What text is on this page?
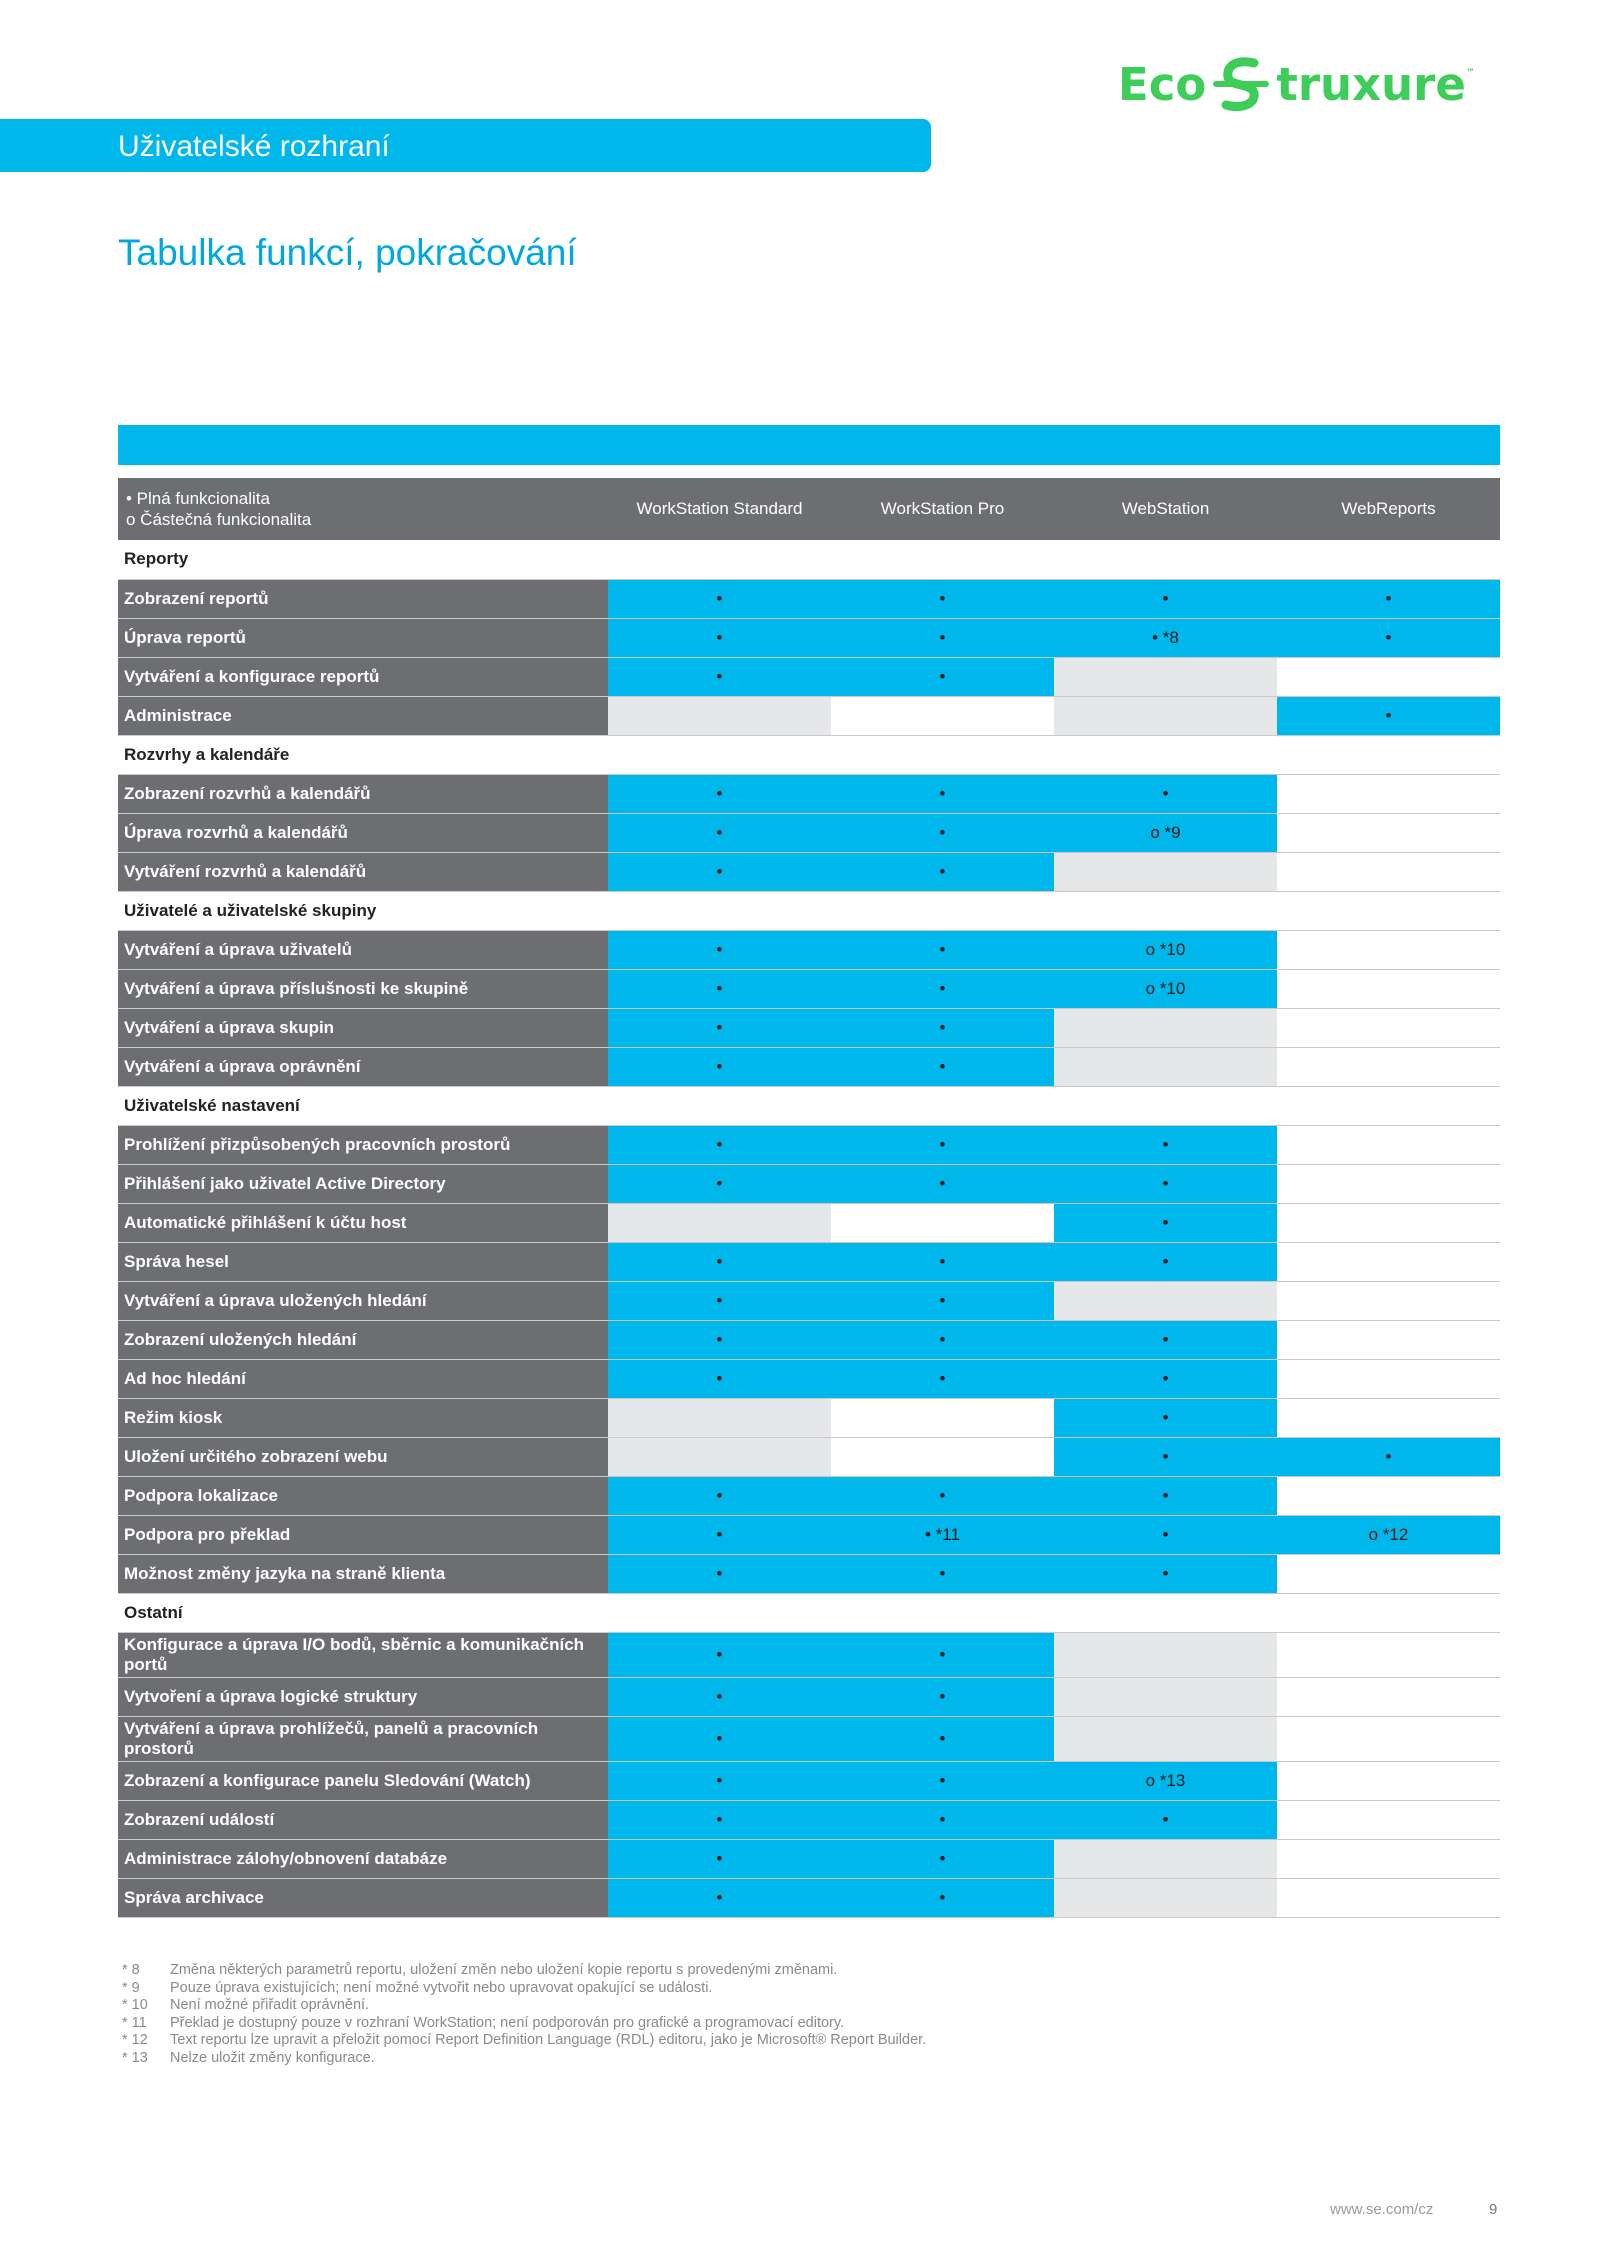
Eco truxure ™
Uživatelské rozhraní
Tabulka funkcí, pokračování
• Plná funkcionalita
o Částečná funkcionalita	WorkStation Standard	WorkStation Pro	WebStation	WebReports
Reporty				
Zobrazení reportů	•	•	•	•
Úprava reportů	•	•	• *8	•
Vytváření a konfigurace reportů	•	•		
Administrace				•
Rozvrhy a kalendáře				
Zobrazení rozvrhů a kalendářů	•	•	•	
Úprava rozvrhů a kalendářů	•	•	o *9	
Vytváření rozvrhů a kalendářů	•	•		
Uživatelé a uživatelské skupiny				
Vytváření a úprava uživatelů	•	•	o *10	
Vytváření a úprava příslušnosti ke skupině	•	•	o *10	
Vytváření a úprava skupin	•	•		
Vytváření a úprava oprávnění	•	•		
Uživatelské nastavení				
Prohlížení přizpůsobených pracovních prostorů	•	•	•	
Přihlášení jako uživatel Active Directory	•	•	•	
Automatické přihlášení k účtu host			•	
Správa hesel	•	•	•	
Vytváření a úprava uložených hledání	•	•		
Zobrazení uložených hledání	•	•	•	
Ad hoc hledání	•	•	•	
Režim kiosk			•	
Uložení určitého zobrazení webu			•	•
Podpora lokalizace	•	•	•	
Podpora pro překlad	•	• *11	•	o *12
Možnost změny jazyka na straně klienta	•	•	•	
Ostatní				
Konfigurace a úprava I/O bodů, sběrnic a komunikačních portů	•	•		
Vytvoření a úprava logické struktury	•	•		
Vytváření a úprava prohlížečů, panelů a pracovních prostorů	•	•		
Zobrazení a konfigurace panelu Sledování (Watch)	•	•	o *13	
Zobrazení událostí	•	•	•	
Administrace zálohy/obnovení databáze	•	•		
Správa archivace	•	•		
* 8	Změna některých parametrů reportu, uložení změn nebo uložení kopie reportu s provedenými změnami.
* 9	Pouze úprava existujících; není možné vytvořit nebo upravovat opakující se události.
* 10	Není možné přiřadit oprávnění.
* 11	Překlad je dostupný pouze v rozhraní WorkStation; není podporován pro grafické a programovací editory.
* 12	Text reportu lze upravit a přeložit pomocí Report Definition Language (RDL) editoru, jako je Microsoft® Report Builder.
* 13	Nelze uložit změny konfigurace.
www.se.com/cz	9
